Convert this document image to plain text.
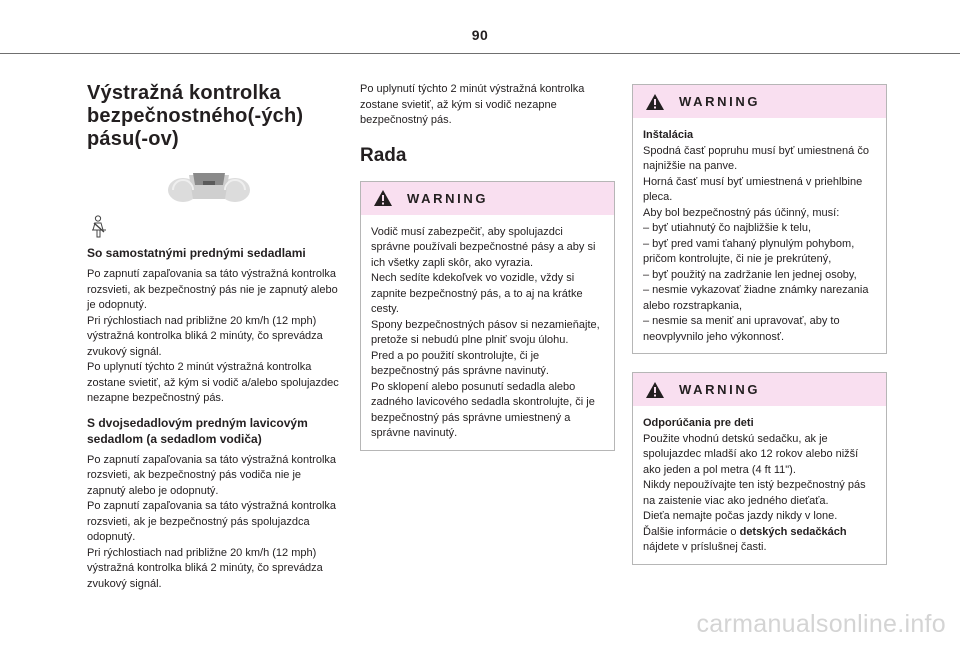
90
Výstražná kontrolka
bezpečnostného(-ých)
pásu(-ov)
So samostatnými prednými sedadlami
Po zapnutí zapaľovania sa táto výstražná kontrolka rozsvieti, ak bezpečnostný pás nie je zapnutý alebo je odopnutý.
Pri rýchlostiach nad približne 20 km/h (12 mph) výstražná kontrolka bliká 2 minúty, čo sprevádza zvukový signál.
Po uplynutí týchto 2 minút výstražná kontrolka zostane svietiť, až kým si vodič a/alebo spolujazdec nezapne bezpečnostný pás.
S dvojsedadlovým predným lavicovým sedadlom (a sedadlom vodiča)
Po zapnutí zapaľovania sa táto výstražná kontrolka rozsvieti, ak bezpečnostný pás vodiča nie je zapnutý alebo je odopnutý.
Po zapnutí zapaľovania sa táto výstražná kontrolka rozsvieti, ak je bezpečnostný pás spolujazdca odopnutý.
Pri rýchlostiach nad približne 20 km/h (12 mph) výstražná kontrolka bliká 2 minúty, čo sprevádza zvukový signál.
Po uplynutí týchto 2 minút výstražná kontrolka zostane svietiť, až kým si vodič nezapne bezpečnostný pás.
Rada
WARNING
Vodič musí zabezpečiť, aby spolujazdci správne používali bezpečnostné pásy a aby si ich všetky zapli skôr, ako vyrazia.
Nech sedíte kdekoľvek vo vozidle, vždy si zapnite bezpečnostný pás, a to aj na krátke cesty.
Spony bezpečnostných pásov si nezamieňajte, pretože si nebudú plne plniť svoju úlohu.
Pred a po použití skontrolujte, či je bezpečnostný pás správne navinutý.
Po sklopení alebo posunutí sedadla alebo zadného lavicového sedadla skontrolujte, či je bezpečnostný pás správne umiestnený a správne navinutý.
WARNING
Inštalácia
Spodná časť popruhu musí byť umiestnená čo najnižšie na panve.
Horná časť musí byť umiestnená v priehlbine pleca.
Aby bol bezpečnostný pás účinný, musí:
– byť utiahnutý čo najbližšie k telu,
– byť pred vami ťahaný plynulým pohybom, pričom kontrolujte, či nie je prekrútený,
– byť použitý na zadržanie len jednej osoby,
– nesmie vykazovať žiadne známky narezania alebo rozstrapkania,
– nesmie sa meniť ani upravovať, aby to neovplyvnilo jeho výkonnosť.
WARNING
Odporúčania pre deti
Použite vhodnú detskú sedačku, ak je spolujazdec mladší ako 12 rokov alebo nižší ako jeden a pol metra (4 ft 11").
Nikdy nepoužívajte ten istý bezpečnostný pás na zaistenie viac ako jedného dieťaťa.
Dieťa nemajte počas jazdy nikdy v lone.
Ďalšie informácie o detských sedačkách nájdete v príslušnej časti.
carmanualsonline.info
